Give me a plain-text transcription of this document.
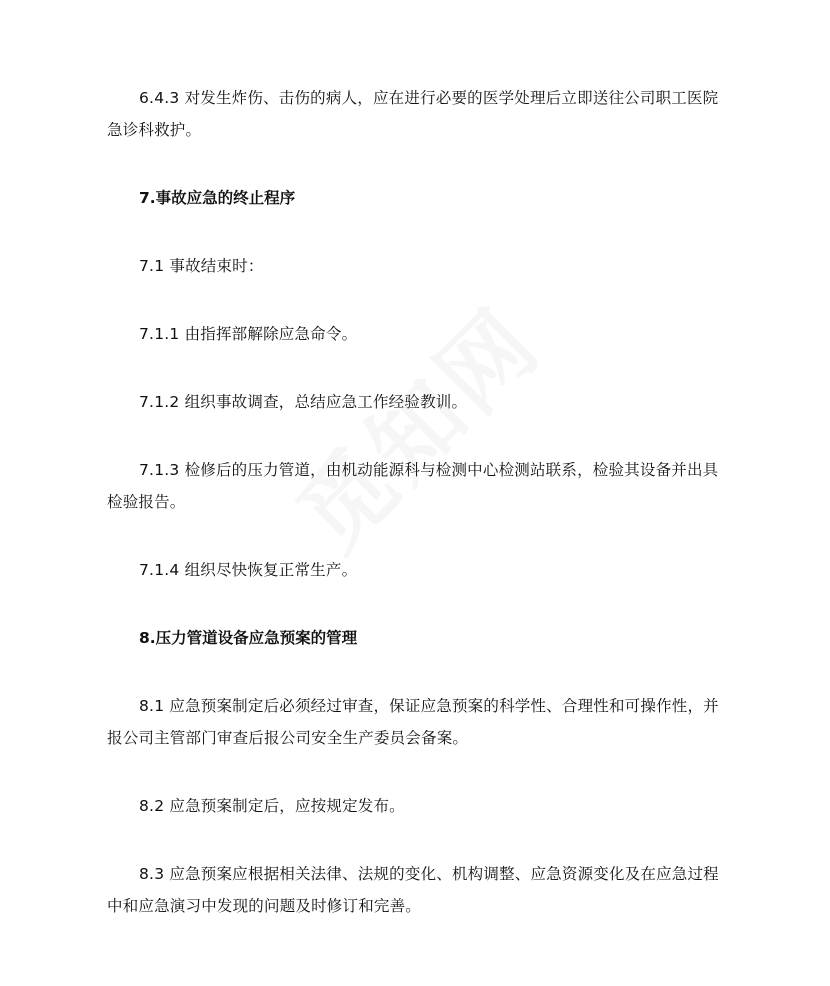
6.4.3 对发生炸伤、击伤的病人，应在进行必要的医学处理后立即送往公司职工医院急诊科救护。

7.事故应急的终止程序

7.1 事故结束时：

7.1.1 由指挥部解除应急命令。

7.1.2 组织事故调查，总结应急工作经验教训。

7.1.3 检修后的压力管道，由机动能源科与检测中心检测站联系，检验其设备并出具检验报告。

7.1.4 组织尽快恢复正常生产。

8.压力管道设备应急预案的管理

8.1 应急预案制定后必须经过审查，保证应急预案的科学性、合理性和可操作性，并报公司主管部门审查后报公司安全生产委员会备案。

8.2 应急预案制定后，应按规定发布。

8.3 应急预案应根据相关法律、法规的变化、机构调整、应急资源变化及在应急过程中和应急演习中发现的问题及时修订和完善。
